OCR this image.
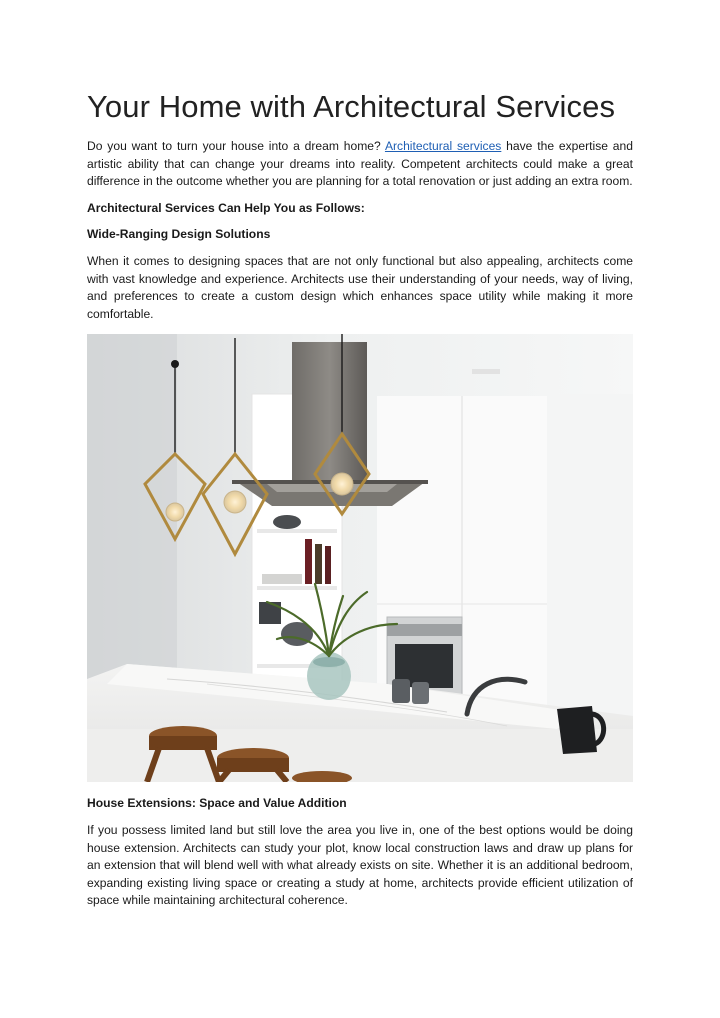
Your Home with Architectural Services

Do you want to turn your house into a dream home? Architectural services have the expertise and artistic ability that can change your dreams into reality. Competent architects could make a great difference in the outcome whether you are planning for a total renovation or just adding an extra room.

Architectural Services Can Help You as Follows:

Wide-Ranging Design Solutions

When it comes to designing spaces that are not only functional but also appealing, architects come with vast knowledge and experience. Architects use their understanding of your needs, way of living, and preferences to create a custom design which enhances space utility while making it more comfortable.

House Extensions: Space and Value Addition

If you possess limited land but still love the area you live in, one of the best options would be doing house extension. Architects can study your plot, know local construction laws and draw up plans for an extension that will blend well with what already exists on site. Whether it is an additional bedroom, expanding existing living space or creating a study at home, architects provide efficient utilization of space while maintaining architectural coherence.
